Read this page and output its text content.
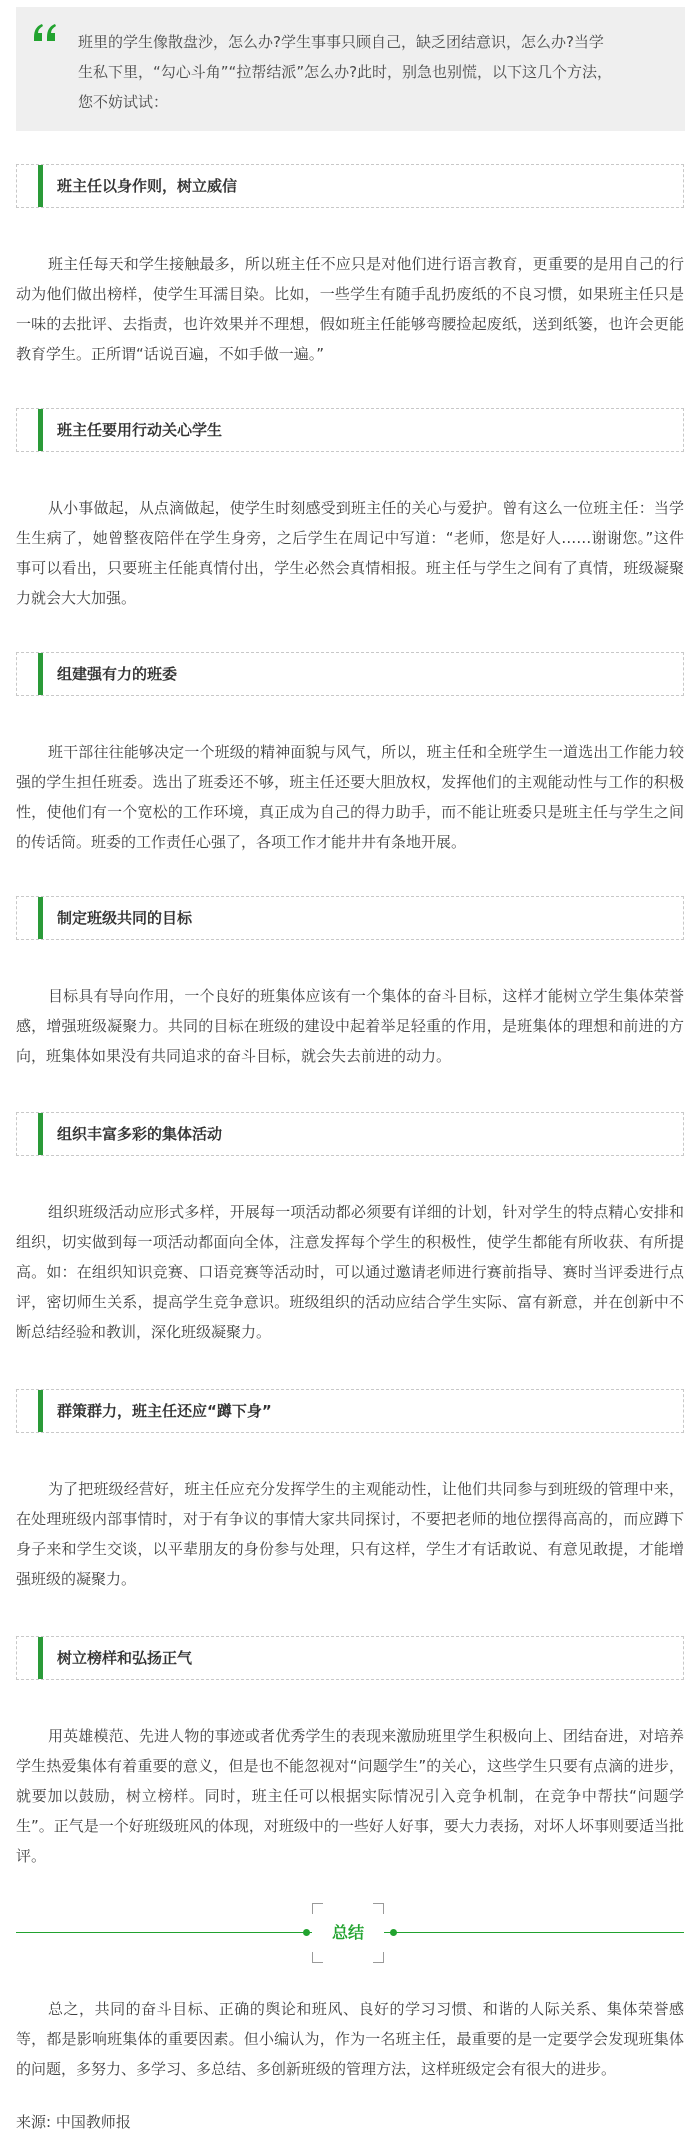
班里的学生像散盘沙，怎么办?学生事事只顾自己，缺乏团结意识，怎么办?当学生私下里，“勾心斗角”“拉帮结派”怎么办?此时，别急也别慌，以下这几个方法，您不妨试试：
班主任以身作则，树立威信
班主任每天和学生接触最多，所以班主任不应只是对他们进行语言教育，更重要的是用自己的行动为他们做出榜样，使学生耳濡目染。比如，一些学生有随手乱扔废纸的不良习惯，如果班主任只是一味的去批评、去指责，也许效果并不理想，假如班主任能够弯腰捡起废纸，送到纸篓，也许会更能教育学生。正所谓“话说百遍，不如手做一遍。”
班主任要用行动关心学生
从小事做起，从点滴做起，使学生时刻感受到班主任的关心与爱护。曾有这么一位班主任：当学生生病了，她曾整夜陪伴在学生身旁，之后学生在周记中写道：“老师，您是好人……谢谢您。”这件事可以看出，只要班主任能真情付出，学生必然会真情相报。班主任与学生之间有了真情，班级凝聚力就会大大加强。
组建强有力的班委
班干部往往能够决定一个班级的精神面貌与风气，所以，班主任和全班学生一道选出工作能力较强的学生担任班委。选出了班委还不够，班主任还要大胆放权，发挥他们的主观能动性与工作的积极性，使他们有一个宽松的工作环境，真正成为自己的得力助手，而不能让班委只是班主任与学生之间的传话筒。班委的工作责任心强了，各项工作才能井井有条地开展。
制定班级共同的目标
目标具有导向作用，一个良好的班集体应该有一个集体的奋斗目标，这样才能树立学生集体荣誉感，增强班级凝聚力。共同的目标在班级的建设中起着举足轻重的作用，是班集体的理想和前进的方向，班集体如果没有共同追求的奋斗目标，就会失去前进的动力。
组织丰富多彩的集体活动
组织班级活动应形式多样，开展每一项活动都必须要有详细的计划，针对学生的特点精心安排和组织，切实做到每一项活动都面向全体，注意发挥每个学生的积极性，使学生都能有所收获、有所提高。如：在组织知识竞赛、口语竞赛等活动时，可以通过邀请老师进行赛前指导、赛时当评委进行点评，密切师生关系，提高学生竞争意识。班级组织的活动应结合学生实际、富有新意，并在创新中不断总结经验和教训，深化班级凝聚力。
群策群力，班主任还应“蹲下身”
为了把班级经营好，班主任应充分发挥学生的主观能动性，让他们共同参与到班级的管理中来，在处理班级内部事情时，对于有争议的事情大家共同探讨，不要把老师的地位摆得高高的，而应蹲下身子来和学生交谈，以平辈朋友的身份参与处理，只有这样，学生才有话敢说、有意见敢提，才能增强班级的凝聚力。
树立榜样和弘扬正气
用英雄模范、先进人物的事迹或者优秀学生的表现来激励班里学生积极向上、团结奋进，对培养学生热爱集体有着重要的意义，但是也不能忽视对“问题学生”的关心，这些学生只要有点滴的进步，就要加以鼓励，树立榜样。同时，班主任可以根据实际情况引入竞争机制，在竞争中帮扶“问题学生”。正气是一个好班级班风的体现，对班级中的一些好人好事，要大力表扬，对坏人坏事则要适当批评。
总结
总之，共同的奋斗目标、正确的舆论和班风、良好的学习习惯、和谐的人际关系、集体荣誉感等，都是影响班集体的重要因素。但小编认为，作为一名班主任，最重要的是一定要学会发现班集体的问题，多努力、多学习、多总结、多创新班级的管理方法，这样班级定会有很大的进步。
来源: 中国教师报
